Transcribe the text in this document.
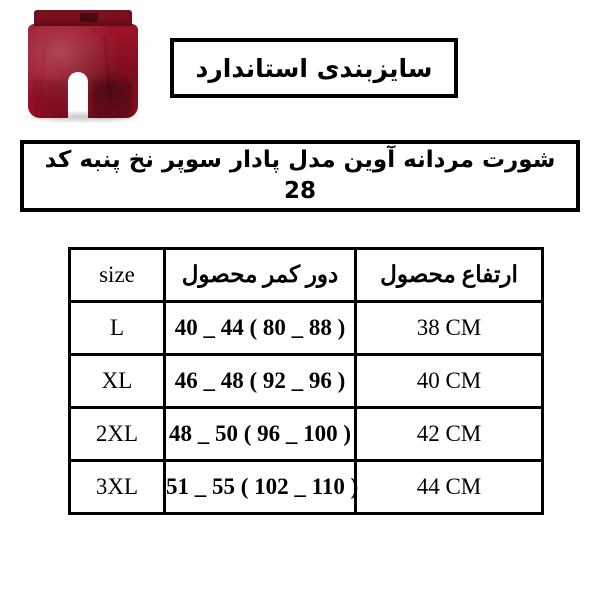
سایزبندی استاندارد
شورت مردانه آوین مدل پادار سوپر نخ پنبه کد 28
size	دور کمر محصول	ارتفاع محصول
L	40 _ 44 ( 80 _ 88 )	38 CM
XL	46 _ 48 ( 92 _ 96 )	40 CM
2XL	48 _ 50 ( 96 _ 100 )	42 CM
3XL	51 _ 55 ( 102 _ 110 )	44 CM
